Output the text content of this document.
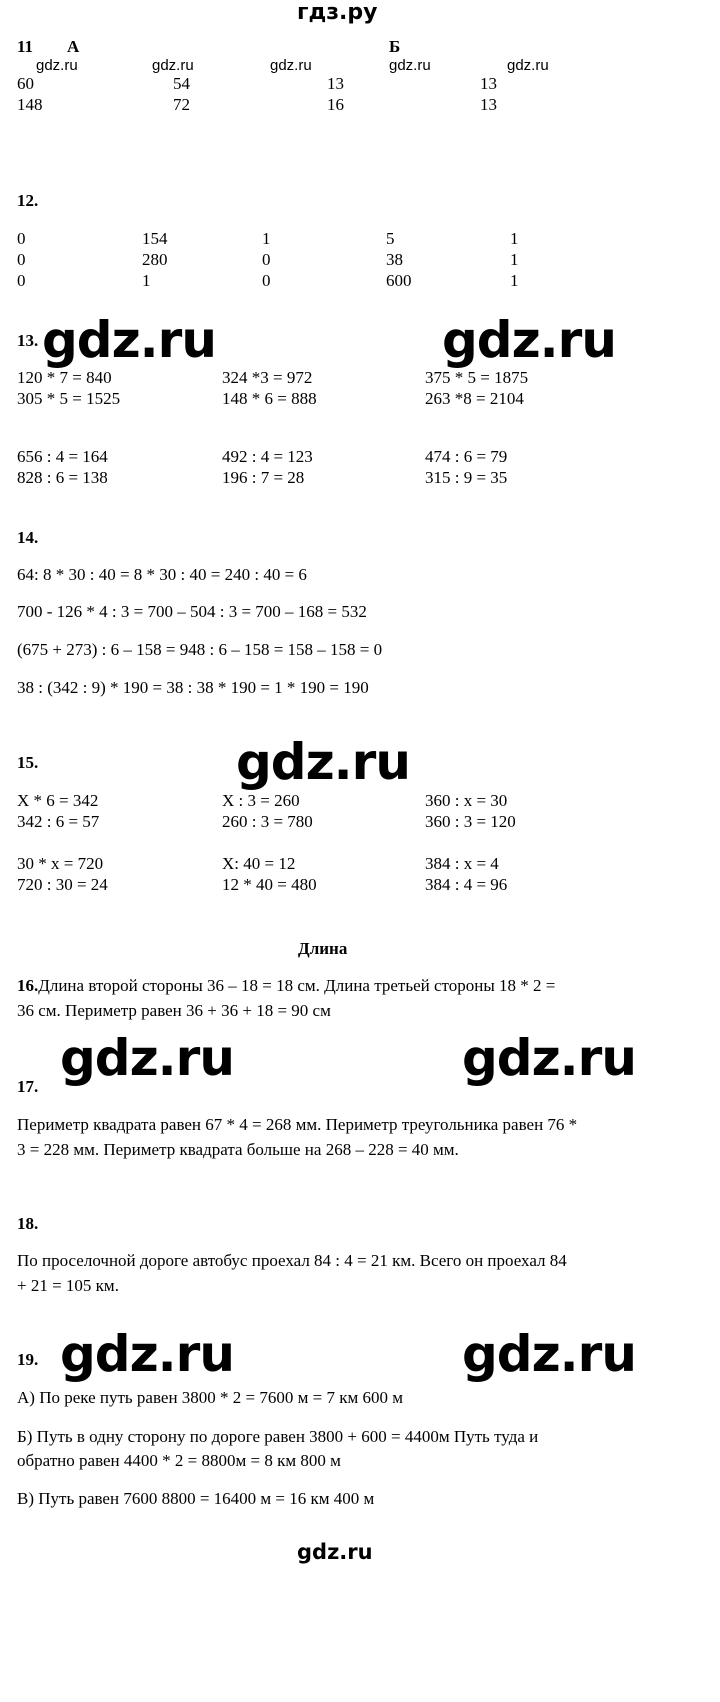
гдз.ру
11 А	Б
gdz.ru	gdz.ru	gdz.ru	gdz.ru	gdz.ru
60	54	13	13
148	72	16	13
12.
0	154	1	5	1
0	280	0	38	1
0	1	0	600	1
13. gdz.ru	gdz.ru
120 * 7 = 840	324 *3 = 972	375 * 5 = 1875
305 * 5 = 1525	148 * 6 = 888	263 *8 = 2104
656 : 4 = 164	492 : 4 = 123	474 : 6 = 79
828 : 6 = 138	196 : 7 = 28	315 : 9 = 35
14.
64: 8 * 30 : 40 = 8 * 30 : 40 = 240 : 40 = 6
700 - 126 * 4 : 3 = 700 – 504 : 3 = 700 – 168 = 532
(675 + 273) : 6 – 158 = 948 : 6 – 158 = 158 – 158 = 0
38 : (342 : 9) * 190 = 38 : 38 * 190 = 1 * 190 = 190
15.	gdz.ru
X * 6 = 342	X : 3 = 260	360 : x = 30
342 : 6 = 57	260 : 3 = 780	360 : 3 = 120
30 * x = 720	X: 40 = 12	384 : x = 4
720 : 30 = 24	12 * 40 = 480	384 : 4 = 96
Длина
16.Длина второй стороны 36 – 18 = 18 см. Длина третьей стороны 18 * 2 =
36 см. Периметр равен 36 + 36 + 18 = 90 см
gdz.ru	gdz.ru
17.
Периметр квадрата равен 67 * 4 = 268 мм. Периметр треугольника равен 76 *
3 = 228 мм. Периметр квадрата больше на 268 – 228 = 40 мм.
18.
По проселочной дороге автобус проехал 84 : 4 = 21 км. Всего он проехал 84
+ 21 = 105 км.
19. gdz.ru	gdz.ru
А) По реке путь равен 3800 * 2 = 7600 м = 7 км 600 м
Б) Путь в одну сторону по дороге равен 3800 + 600 = 4400м Путь туда и
обратно равен 4400 * 2 = 8800м = 8 км 800 м
В) Путь равен 7600 8800 = 16400 м = 16 км 400 м
gdz.ru
